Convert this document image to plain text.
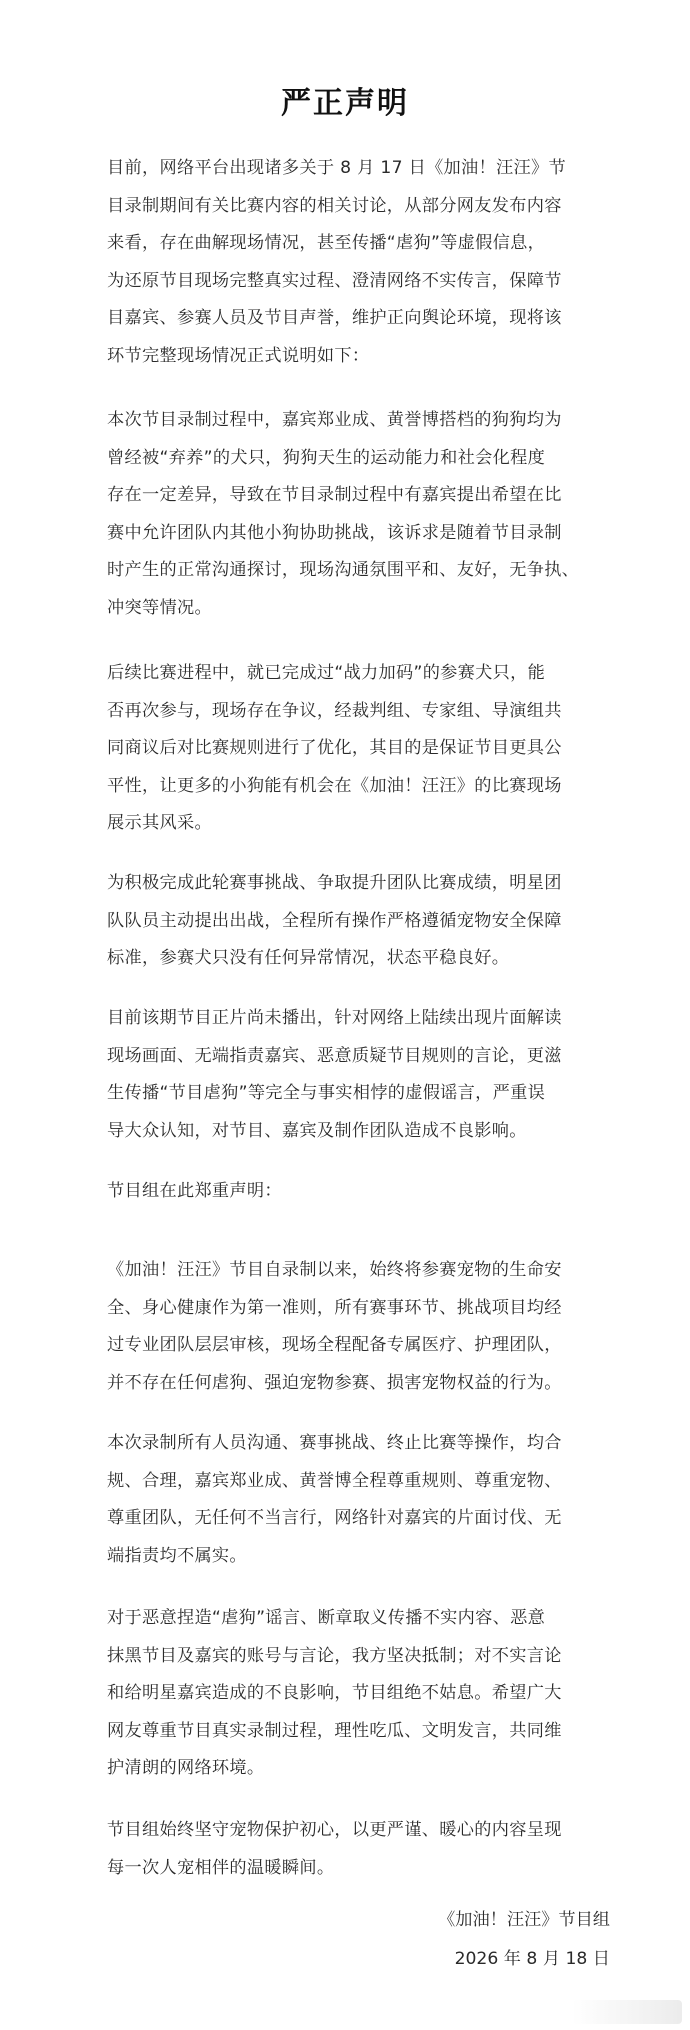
严正声明
目前，网络平台出现诸多关于 8 月 17 日《加油！汪汪》节
目录制期间有关比赛内容的相关讨论，从部分网友发布内容
来看，存在曲解现场情况，甚至传播“虐狗”等虚假信息，
为还原节目现场完整真实过程、澄清网络不实传言，保障节
目嘉宾、参赛人员及节目声誉，维护正向舆论环境，现将该
环节完整现场情况正式说明如下：
本次节目录制过程中，嘉宾郑业成、黄誉博搭档的狗狗均为
曾经被“弃养”的犬只，狗狗天生的运动能力和社会化程度
存在一定差异，导致在节目录制过程中有嘉宾提出希望在比
赛中允许团队内其他小狗协助挑战，该诉求是随着节目录制
时产生的正常沟通探讨，现场沟通氛围平和、友好，无争执、
冲突等情况。
后续比赛进程中，就已完成过“战力加码”的参赛犬只，能
否再次参与，现场存在争议，经裁判组、专家组、导演组共
同商议后对比赛规则进行了优化，其目的是保证节目更具公
平性，让更多的小狗能有机会在《加油！汪汪》的比赛现场
展示其风采。
为积极完成此轮赛事挑战、争取提升团队比赛成绩，明星团
队队员主动提出出战，全程所有操作严格遵循宠物安全保障
标准，参赛犬只没有任何异常情况，状态平稳良好。
目前该期节目正片尚未播出，针对网络上陆续出现片面解读
现场画面、无端指责嘉宾、恶意质疑节目规则的言论，更滋
生传播“节目虐狗”等完全与事实相悖的虚假谣言，严重误
导大众认知，对节目、嘉宾及制作团队造成不良影响。
节目组在此郑重声明：
《加油！汪汪》节目自录制以来，始终将参赛宠物的生命安
全、身心健康作为第一准则，所有赛事环节、挑战项目均经
过专业团队层层审核，现场全程配备专属医疗、护理团队，
并不存在任何虐狗、强迫宠物参赛、损害宠物权益的行为。
本次录制所有人员沟通、赛事挑战、终止比赛等操作，均合
规、合理，嘉宾郑业成、黄誉博全程尊重规则、尊重宠物、
尊重团队，无任何不当言行，网络针对嘉宾的片面讨伐、无
端指责均不属实。
对于恶意捏造“虐狗”谣言、断章取义传播不实内容、恶意
抹黑节目及嘉宾的账号与言论，我方坚决抵制；对不实言论
和给明星嘉宾造成的不良影响，节目组绝不姑息。希望广大
网友尊重节目真实录制过程，理性吃瓜、文明发言，共同维
护清朗的网络环境。
节目组始终坚守宠物保护初心，以更严谨、暖心的内容呈现
每一次人宠相伴的温暖瞬间。
《加油！汪汪》节目组
2026 年 8 月 18 日
